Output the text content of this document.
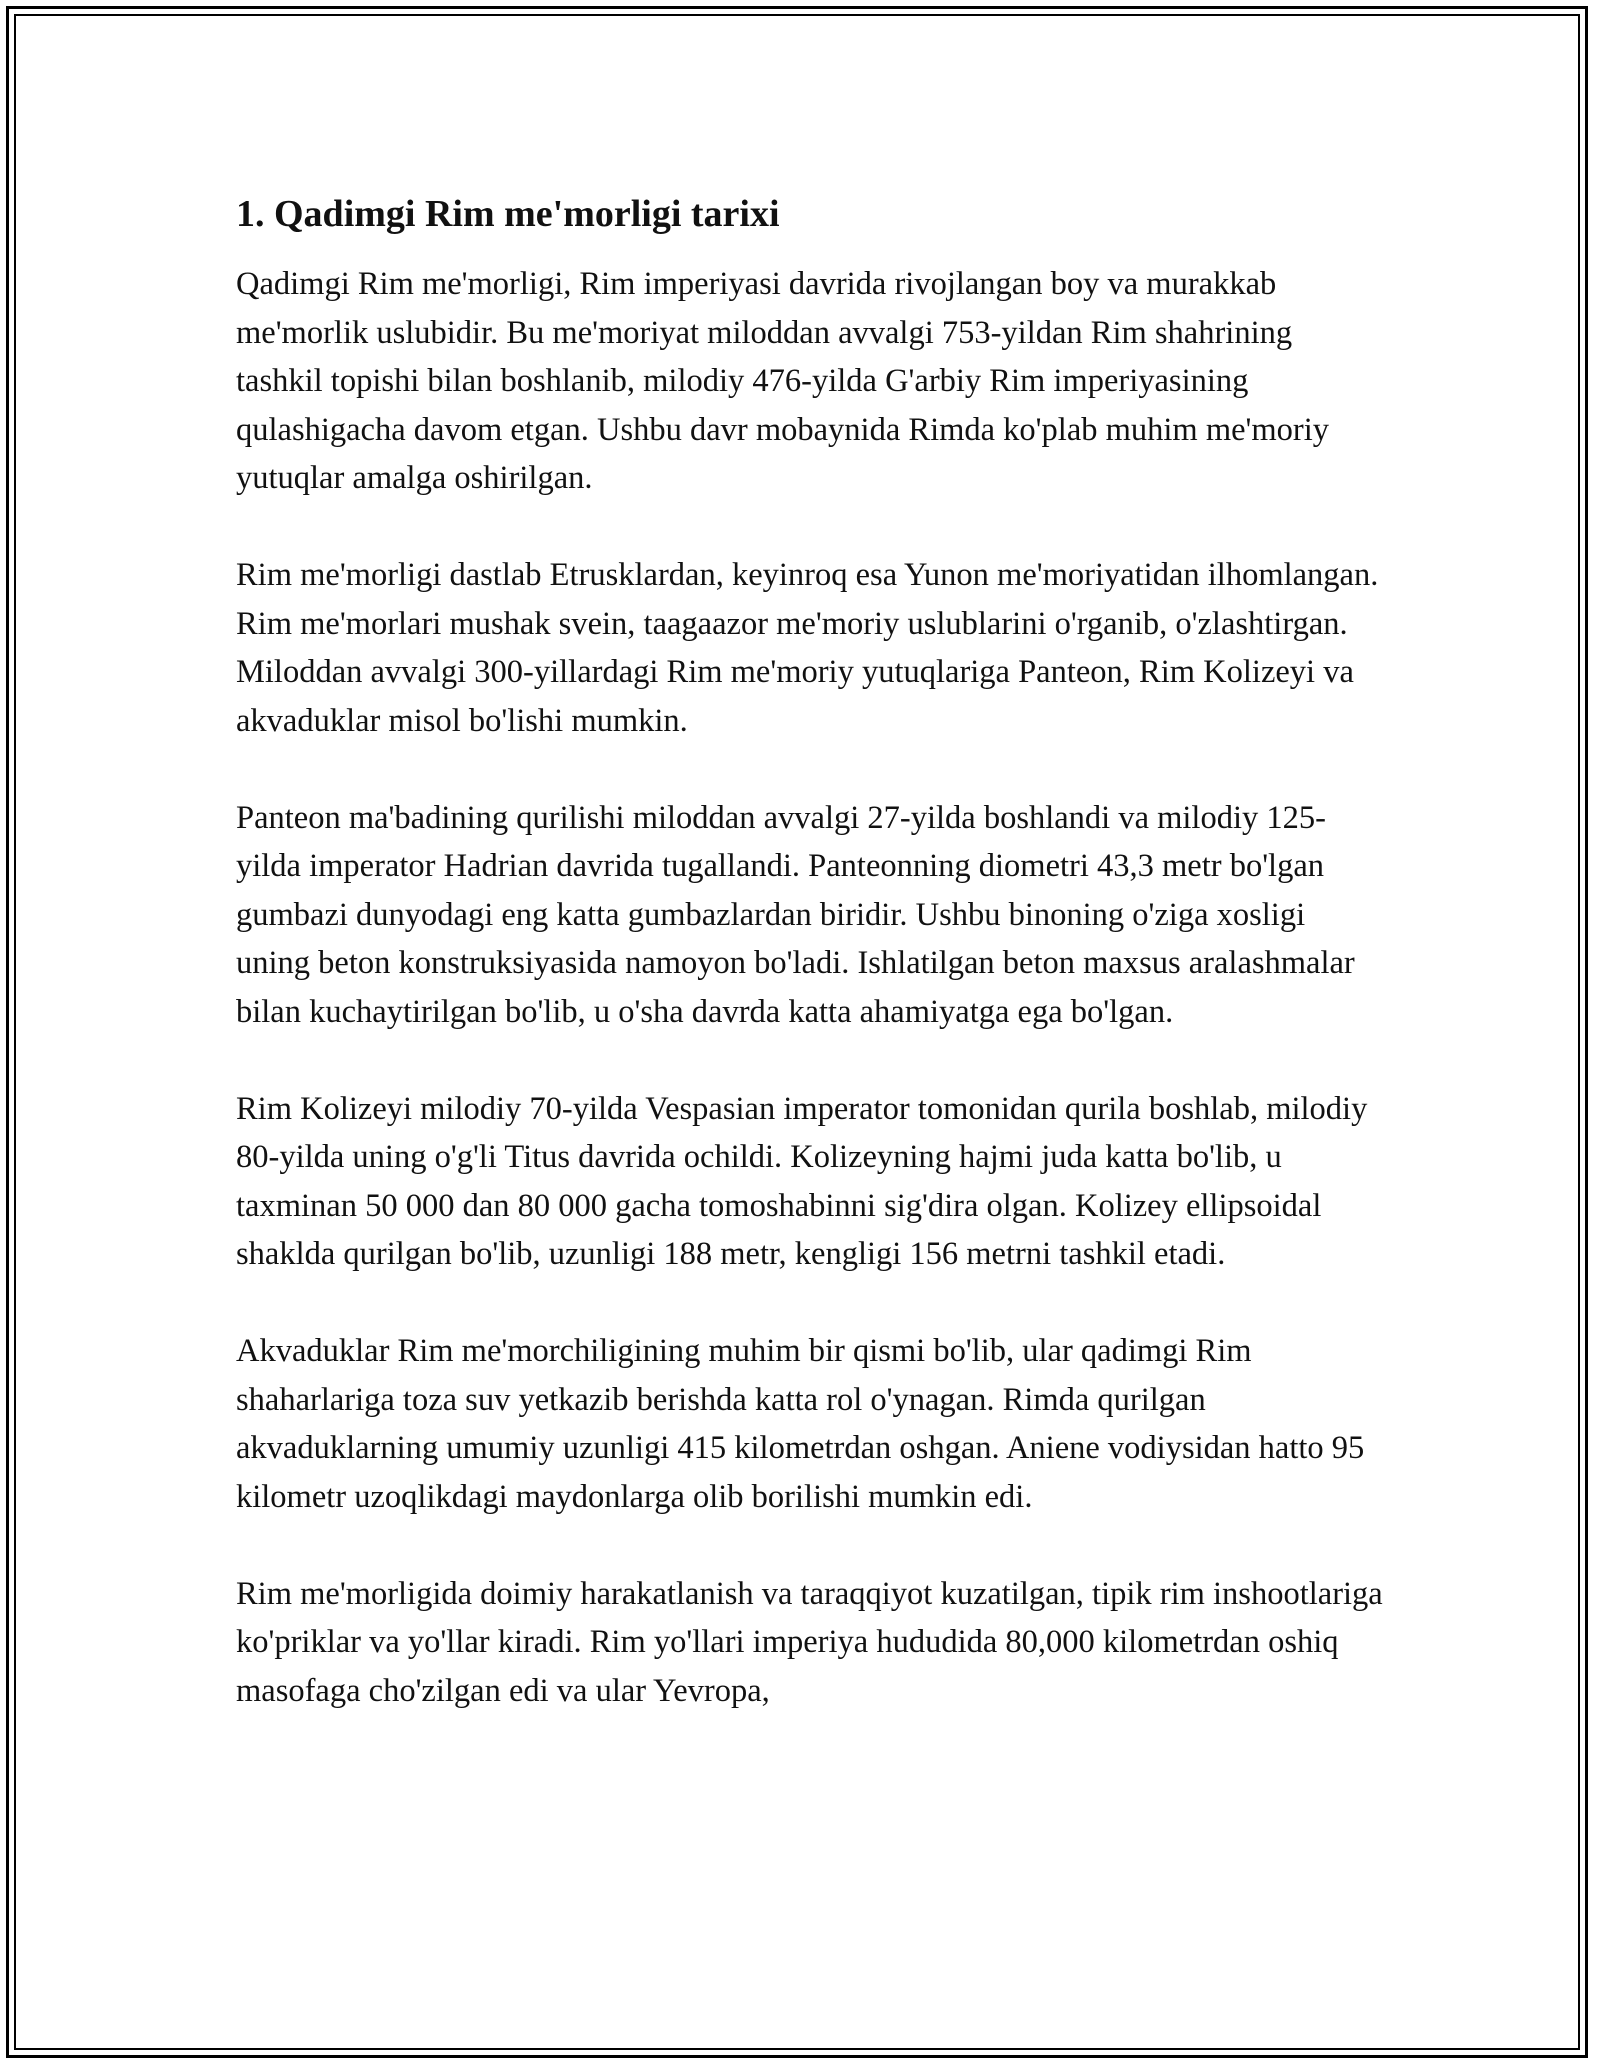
1. Qadimgi Rim me'morligi tarixi

Qadimgi Rim me'morligi, Rim imperiyasi davrida rivojlangan boy va murakkab me'morlik uslubidir. Bu me'moriyat miloddan avvalgi 753-yildan Rim shahrining tashkil topishi bilan boshlanib, milodiy 476-yilda G'arbiy Rim imperiyasining qulashigacha davom etgan. Ushbu davr mobaynida Rimda ko'plab muhim me'moriy yutuqlar amalga oshirilgan.

Rim me'morligi dastlab Etrusklardan, keyinroq esa Yunon me'moriyatidan ilhomlangan. Rim me'morlari mushak svein, taagaazor me'moriy uslublarini o'rganib, o'zlashtirgan. Miloddan avvalgi 300-yillardagi Rim me'moriy yutuqlariga Panteon, Rim Kolizeyi va akvaduklar misol bo'lishi mumkin.

Panteon ma'badining qurilishi miloddan avvalgi 27-yilda boshlandi va milodiy 125-yilda imperator Hadrian davrida tugallandi. Panteonning diometri 43,3 metr bo'lgan gumbazi dunyodagi eng katta gumbazlardan biridir. Ushbu binoning o'ziga xosligi uning beton konstruksiyasida namoyon bo'ladi. Ishlatilgan beton maxsus aralashmalar bilan kuchaytirilgan bo'lib, u o'sha davrda katta ahamiyatga ega bo'lgan.

Rim Kolizeyi milodiy 70-yilda Vespasian imperator tomonidan qurila boshlab, milodiy 80-yilda uning o'g'li Titus davrida ochildi. Kolizeyning hajmi juda katta bo'lib, u taxminan 50 000 dan 80 000 gacha tomoshabinni sig'dira olgan. Kolizey ellipsoidal shaklda qurilgan bo'lib, uzunligi 188 metr, kengligi 156 metrni tashkil etadi.

Akvaduklar Rim me'morchiligining muhim bir qismi bo'lib, ular qadimgi Rim shaharlariga toza suv yetkazib berishda katta rol o'ynagan. Rimda qurilgan akvaduklarning umumiy uzunligi 415 kilometrdan oshgan. Aniene vodiysidan hatto 95 kilometr uzoqlikdagi maydonlarga olib borilishi mumkin edi.

Rim me'morligida doimiy harakatlanish va taraqqiyot kuzatilgan, tipik rim inshootlariga ko'priklar va yo'llar kiradi. Rim yo'llari imperiya hududida 80,000 kilometrdan oshiq masofaga cho'zilgan edi va ular Yevropa,
